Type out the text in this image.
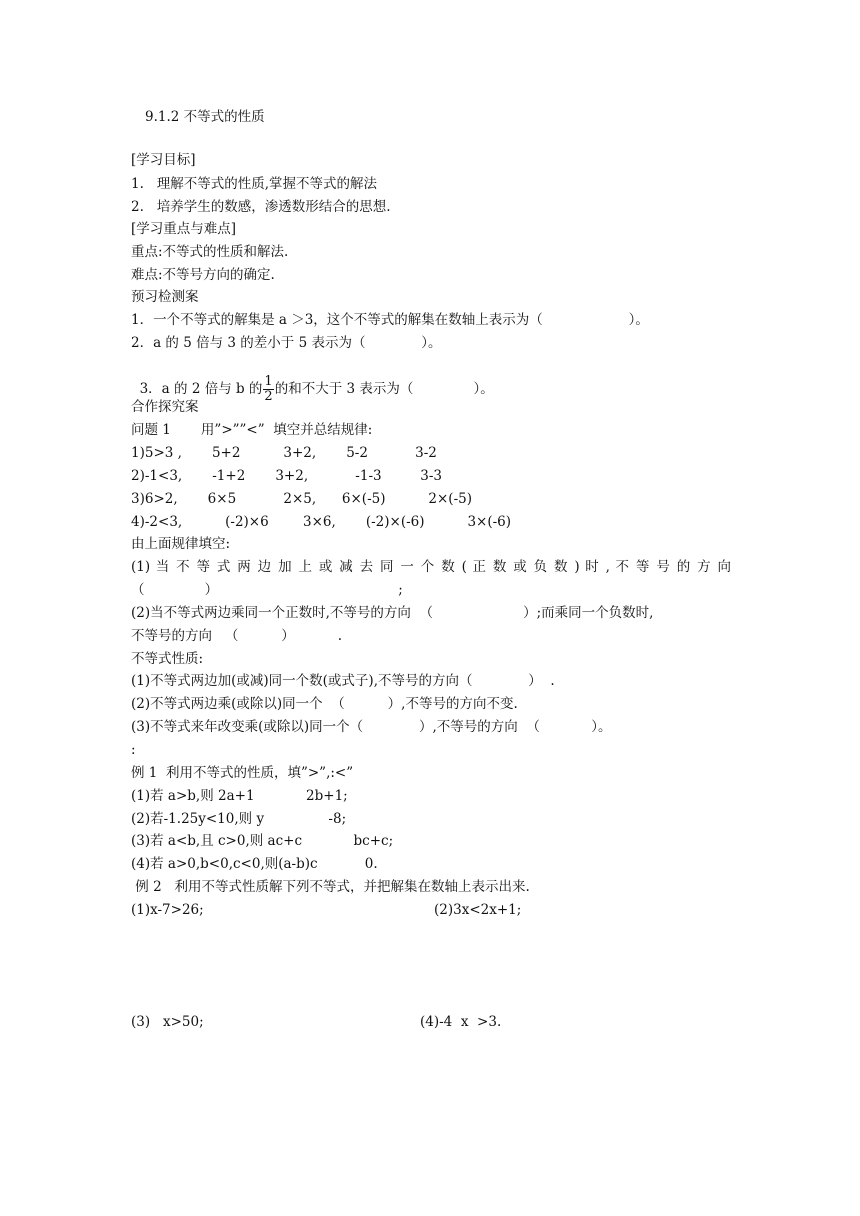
9.1.2 不等式的性质
[学习目标]
1.   理解不等式的性质,掌握不等式的解法
2.   培养学生的数感，渗透数形结合的思想.
[学习重点与难点]
重点:不等式的性质和解法.
难点:不等号方向的确定.
预习检测案
1．一个不等式的解集是 a ＞3，这个不等式的解集在数轴上表示为（                    ）。
2．a 的 5 倍与 3 的差小于 5 表示为（             ）。

3．a 的 2 倍与 b 的 $\frac{1}{2}$ 的和不大于 3 表示为（              ）。

合作探究案
问题 1       用”>””<”  填空并总结规律:
1)5>3 ,       5+2          3+2,       5-2           3-2
2)-1<3,       -1+2       3+2,           -1-3         3-3
3)6>2,       6×5           2×5,      6×(-5)          2×(-5)
4)-2<3,          (-2)×6        3×6,       (-2)×(-6)          3×(-6)
由上面规律填空:
(1) 当 不 等 式 两 边 加 上 或 减 去 同 一 个 数 ( 正 数 或 负 数 ) 时 , 不 等 号 的 方 向
（              ）                                          ;
(2)当不等式两边乘同一个正数时,不等号的方向  （                     ）;而乘同一个负数时,
不等号的方向   （          ）          .
不等式性质:
(1)不等式两边加(或减)同一个数(或式子),不等号的方向（             ）  .
(2)不等式两边乘(或除以)同一个  （          ）,不等号的方向不变.
(3)不等式来年改变乘(或除以)同一个（             ）,不等号的方向  （            ）。
:
例 1  利用不等式的性质，填”>”,:<”
(1)若 a>b,则 2a+1            2b+1;
(2)若-1.25y<10,则 y               -8;
(3)若 a<b,且 c>0,则 ac+c            bc+c;
(4)若 a>0,b<0,c<0,则(a-b)c           0.
例 2   利用不等式性质解下列不等式，并把解集在数轴上表示出来.
(1)x-7>26;	(2)3x<2x+1;
(3)   x>50;	(4)-4  x  >3.
